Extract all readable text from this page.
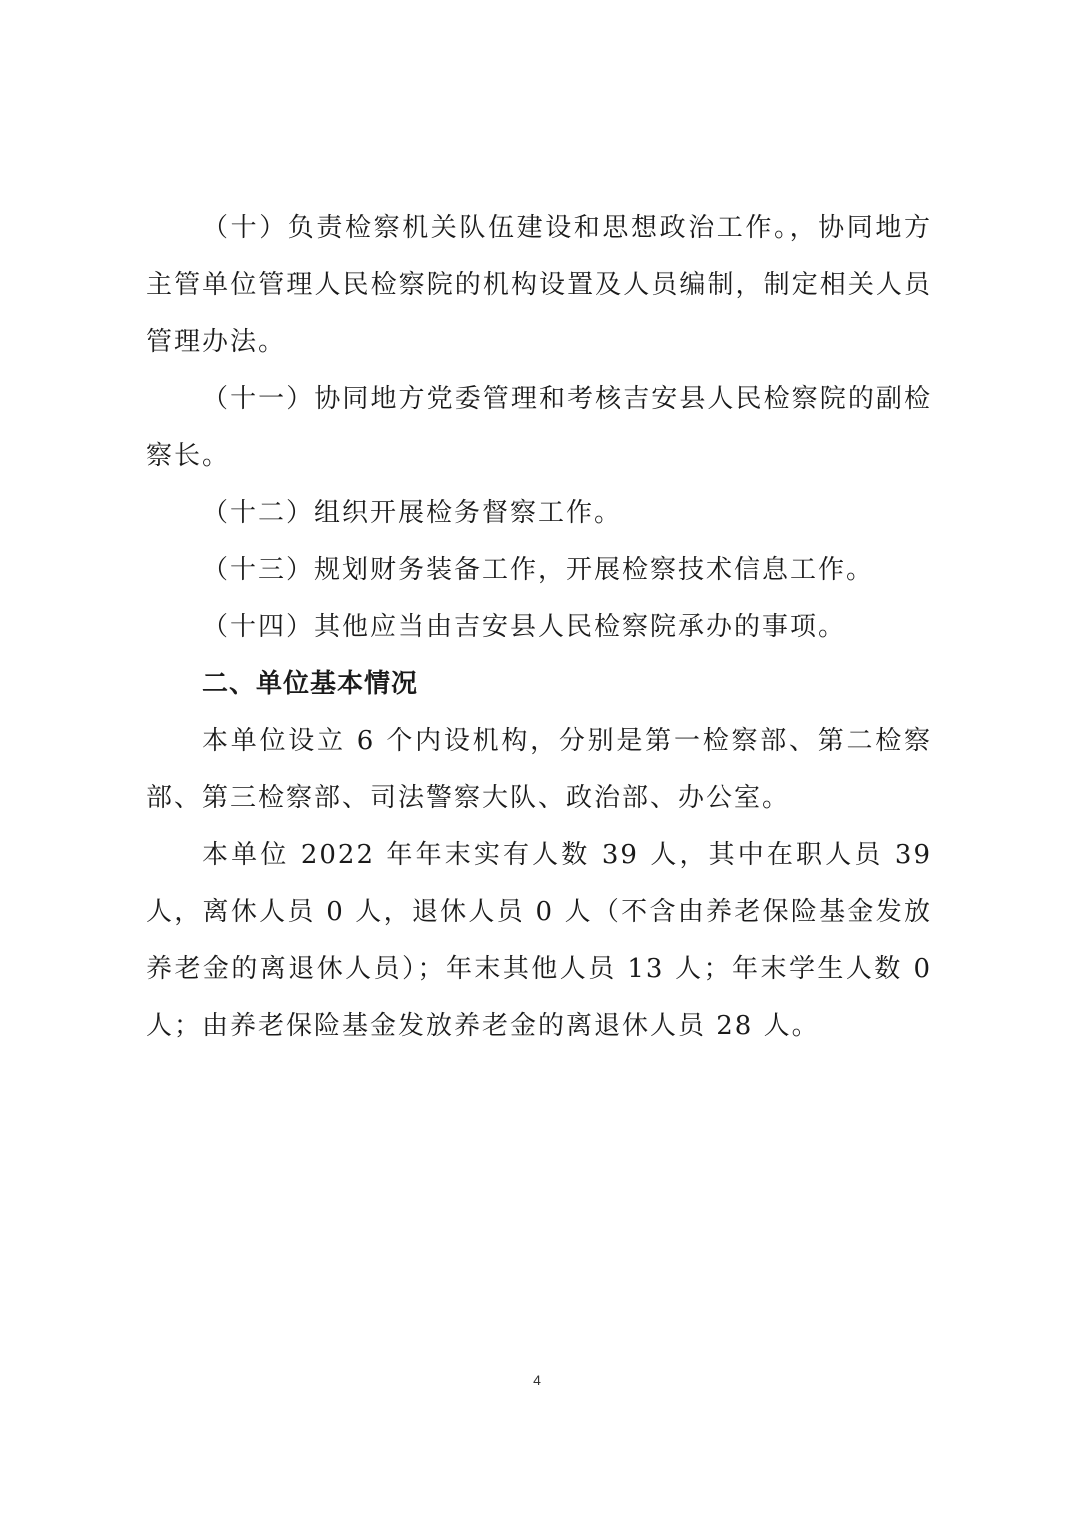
（十）负责检察机关队伍建设和思想政治工作。，协同地方主管单位管理人民检察院的机构设置及人员编制，制定相关人员管理办法。

（十一）协同地方党委管理和考核吉安县人民检察院的副检察长。

（十二）组织开展检务督察工作。

（十三）规划财务装备工作，开展检察技术信息工作。

（十四）其他应当由吉安县人民检察院承办的事项。

二、单位基本情况

本单位设立 6 个内设机构，分别是第一检察部、第二检察部、第三检察部、司法警察大队、政治部、办公室。

本单位 2022 年年末实有人数 39 人，其中在职人员 39 人，离休人员 0 人，退休人员 0 人（不含由养老保险基金发放养老金的离退休人员）；年末其他人员 13 人；年末学生人数 0 人；由养老保险基金发放养老金的离退休人员 28 人。

4
